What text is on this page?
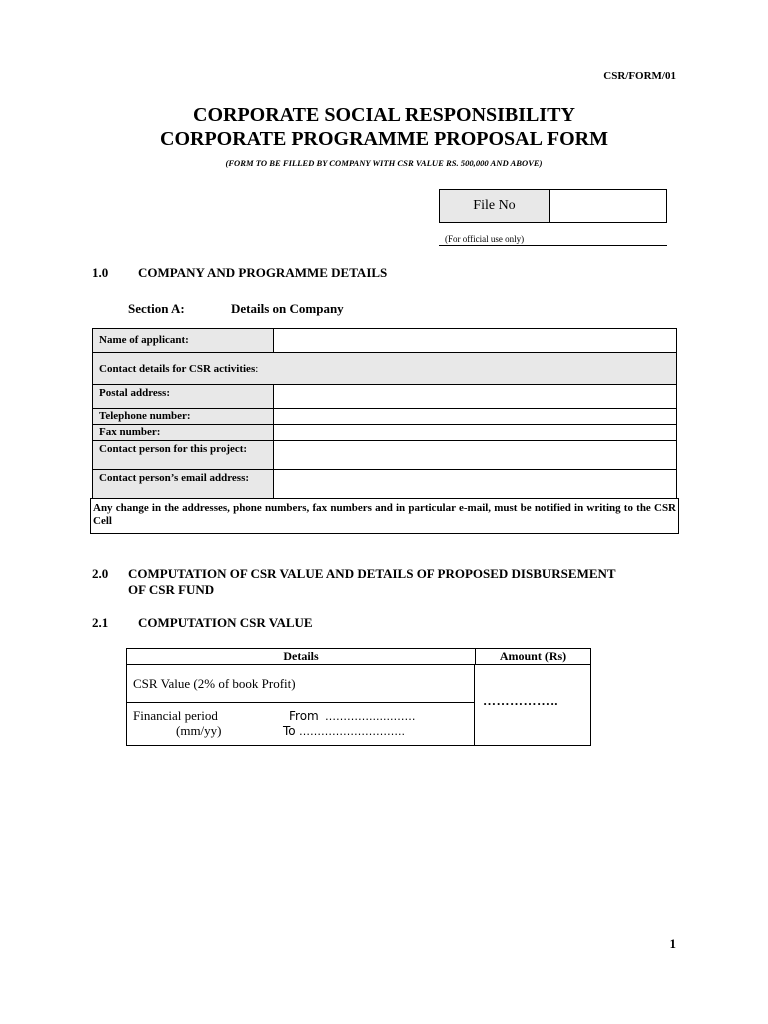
CSR/FORM/01
CORPORATE SOCIAL RESPONSIBILITY
CORPORATE PROGRAMME PROPOSAL FORM
(FORM TO BE FILLED BY COMPANY WITH CSR VALUE RS. 500,000 AND ABOVE)
File No
(For official use only)
1.0 COMPANY AND PROGRAMME DETAILS
Section A:	Details on Company
Name of applicant:
Contact details for CSR activities :
Postal address:
Telephone number:
Fax number:
Contact person for this project:
Contact person’s email address:
Any change in the addresses, phone numbers, fax numbers and in particular e-mail, must be notified in writing to the CSR Cell
2.0 COMPUTATION OF CSR VALUE AND DETAILS OF PROPOSED DISBURSEMENT OF CSR FUND
2.1 COMPUTATION CSR VALUE
Details	Amount (Rs)
CSR Value (2% of book Profit)
Financial period
(mm/yy)
From ………….......……
To ………………………..
……………..
1
